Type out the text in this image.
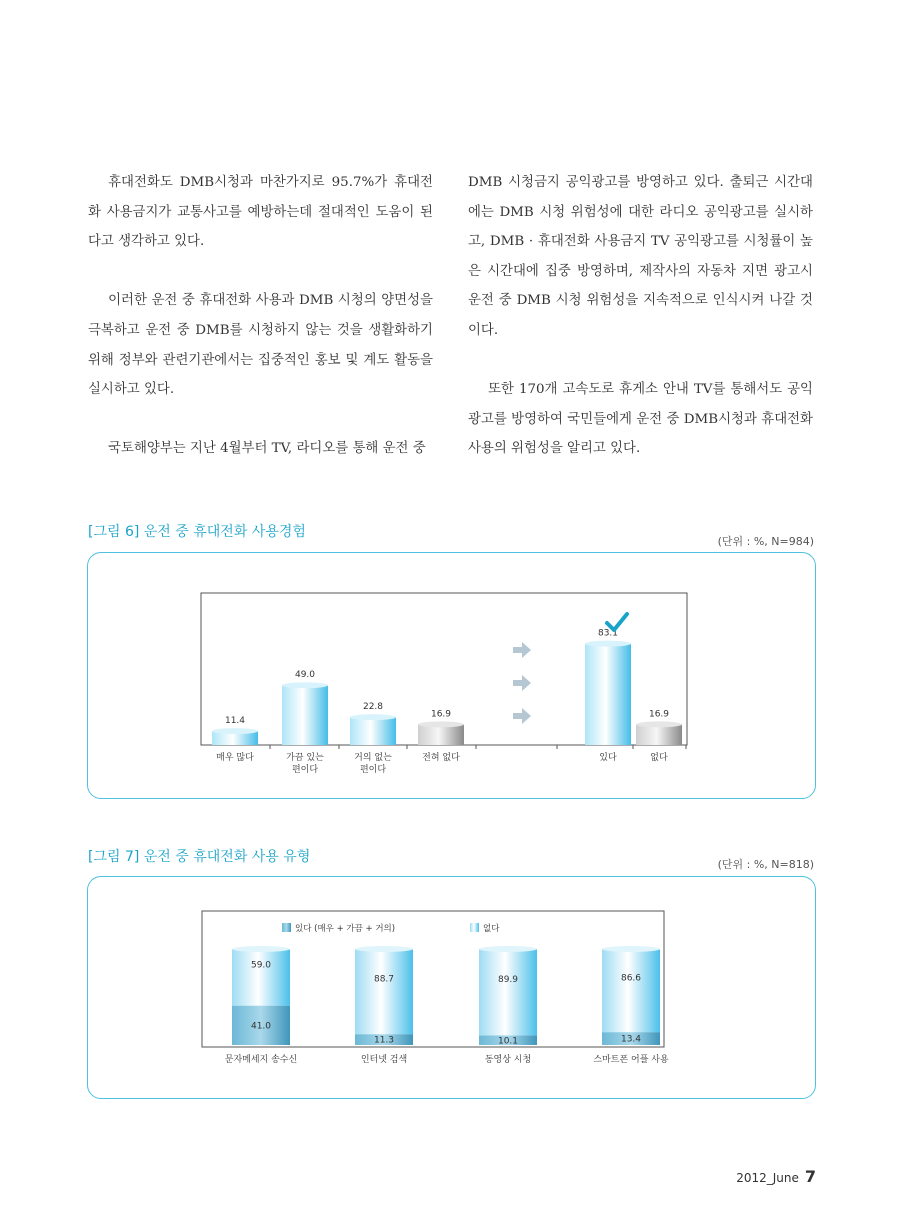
휴대전화도 DMB시청과 마찬가지로 95.7%가 휴대전화 사용금지가 교통사고를 예방하는데 절대적인 도움이 된다고 생각하고 있다.

이러한 운전 중 휴대전화 사용과 DMB 시청의 양면성을 극복하고 운전 중 DMB를 시청하지 않는 것을 생활화하기 위해 정부와 관련기관에서는 집중적인 홍보 및 계도 활동을 실시하고 있다.

국토해양부는 지난 4월부터 TV, 라디오를 통해 운전 중

DMB 시청금지 공익광고를 방영하고 있다. 출퇴근 시간대에는 DMB 시청 위험성에 대한 라디오 공익광고를 실시하고, DMB · 휴대전화 사용금지 TV 공익광고를 시청률이 높은 시간대에 집중 방영하며, 제작사의 자동차 지면 광고시 운전 중 DMB 시청 위험성을 지속적으로 인식시켜 나갈 것이다.

또한 170개 고속도로 휴게소 안내 TV를 통해서도 공익광고를 방영하여 국민들에게 운전 중 DMB시청과 휴대전화 사용의 위험성을 알리고 있다.

[그림 6] 운전 중 휴대전화 사용경험
(단위 : %, N=984)
11.4
매우 많다
49.0
가끔 있는
편이다
22.8
거의 없는
편이다
16.9
전혀 없다
83.1
있다
16.9
없다
[그림 7] 운전 중 휴대전화 사용 유형	(단위 : %, N=818)
있다 (매우 + 가끔 + 거의)	없다
41.0
59.0
문자메세지 송수신
11.3
88.7
인터넷 검색
10.1
89.9
동영상 시청
13.4
86.6
스마트폰 어플 사용
2012_June 7
